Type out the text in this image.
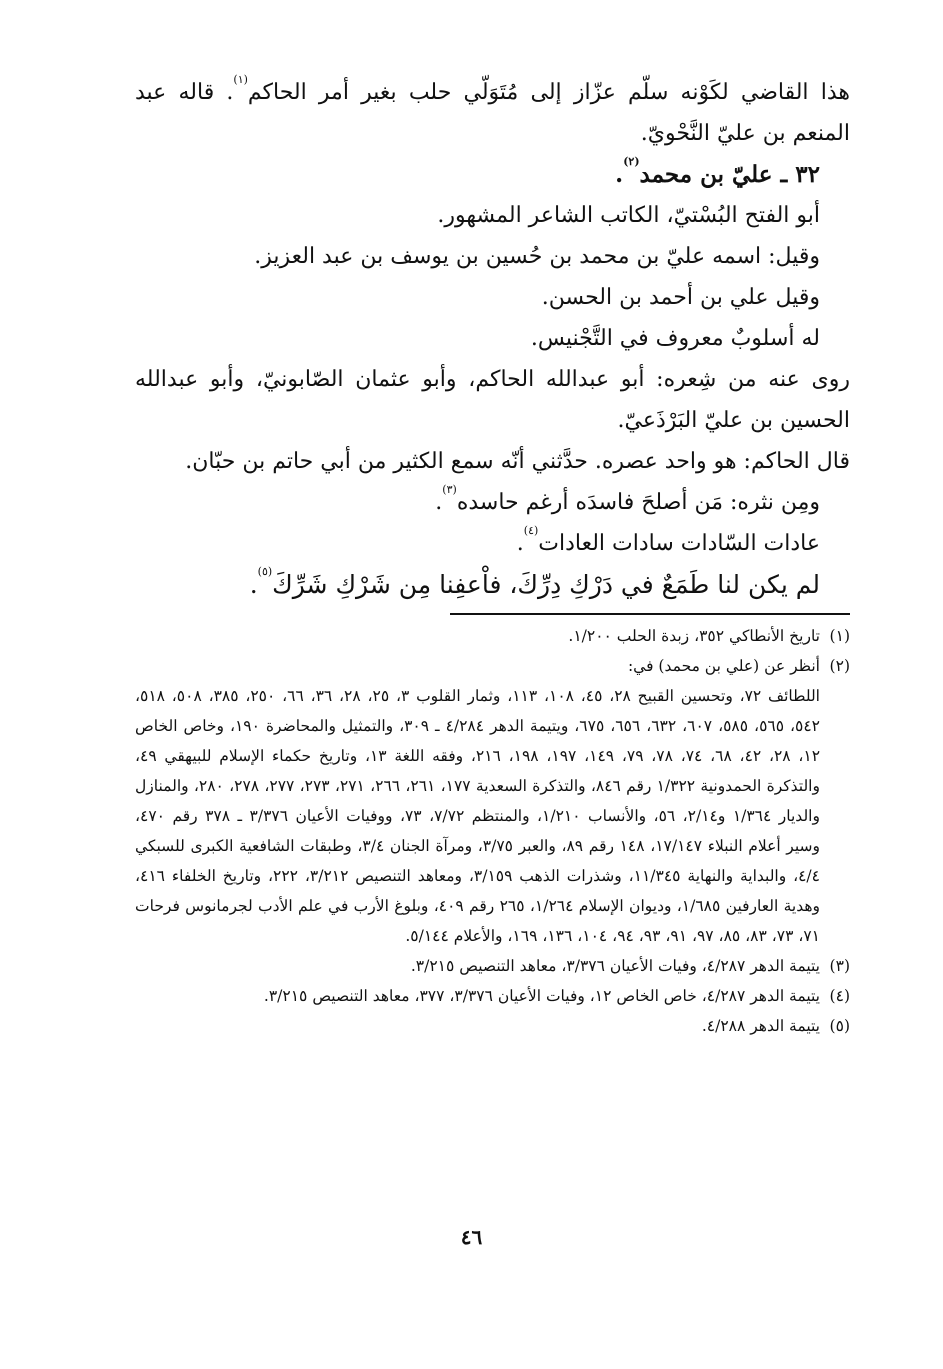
هذا القاضي لكَوْنه سلّم عزّاز إلى مُتَوَلّي حلب بغير أمر الحاكم$^{(١)}$. قاله عبد المنعم بن عليّ النَّحْويّ.

٣٢ ـ عليّ بن محمد$^{(٢)}$.

أبو الفتح البُسْتيّ، الكاتب الشاعر المشهور.

وقيل: اسمه عليّ بن محمد بن حُسين بن يوسف بن عبد العزيز.

وقيل علي بن أحمد بن الحسن.

له أسلوبٌ معروف في التَّجْنيس.

روى عنه من شِعره: أبو عبدالله الحاكم، وأبو عثمان الصّابونيّ، وأبو عبدالله الحسين بن عليّ البَرْذَعيّ.

قال الحاكم: هو واحد عصره. حدَّثني أنّه سمع الكثير من أبي حاتم بن حبّان.

ومِن نثره: مَن أصلحَ فاسدَه أرغم حاسده$^{(٣)}$.

عادات السّادات سادات العادات$^{(٤)}$.

لم يكن لنا طَمَعٌ في دَرْكِ دِرِّكَ، فاْعفِنا مِن شَرْكِ شَرِّكَ$^{(٥)}$.

(١)
تاريخ الأنطاكي ٣٥٢، زبدة الحلب ١/٢٠٠.
(٢)
أنظر عن (علي بن محمد) في:

اللطائف ٧٢، وتحسين القبيح ٢٨، ٤٥، ١٠٨، ١١٣، وثمار القلوب ٣، ٢٥، ٢٨، ٣٦، ٦٦، ٢٥٠، ٣٨٥، ٥٠٨، ٥١٨، ٥٤٢، ٥٦٥، ٥٨٥، ٦٠٧، ٦٣٢، ٦٥٦، ٦٧٥، ويتيمة الدهر ٤/٢٨٤ ـ ٣٠٩، والتمثيل والمحاضرة ١٩٠، وخاص الخاص ١٢، ٢٨، ٤٢، ٦٨، ٧٤، ٧٨، ٧٩، ١٤٩، ١٩٧، ١٩٨، ٢١٦، وفقه اللغة ١٣، وتاريخ حكماء الإسلام للبيهقي ٤٩، والتذكرة الحمدونية ١/٣٢٢ رقم ٨٤٦، والتذكرة السعدية ١٧٧، ٢٦١، ٢٦٦، ٢٧١، ٢٧٣، ٢٧٧، ٢٧٨، ٢٨٠، والمنازل والديار ١/٣٦٤ و٢/١٤، ٥٦، والأنساب ١/٢١٠، والمنتظم ٧/٧٢، ٧٣، ووفيات الأعيان ٣/٣٧٦ ـ ٣٧٨ رقم ٤٧٠، وسير أعلام النبلاء ١٧/١٤٧، ١٤٨ رقم ٨٩، والعبر ٣/٧٥، ومرآة الجنان ٣/٤، وطبقات الشافعية الكبرى للسبكي ٤/٤، والبداية والنهاية ١١/٣٤٥، وشذرات الذهب ٣/١٥٩، ومعاهد التنصيص ٣/٢١٢، ٢٢٢، وتاريخ الخلفاء ٤١٦، وهدية العارفين ١/٦٨٥، وديوان الإسلام ١/٢٦٤، ٢٦٥ رقم ٤٠٩، وبلوغ الأرب في علم الأدب لجرمانوس فرحات ٧١، ٧٣، ٨٣، ٨٥، ٩٧، ٩١، ٩٣، ٩٤، ١٠٤، ١٣٦، ١٦٩، والأعلام ٥/١٤٤.

(٣)
يتيمة الدهر ٤/٢٨٧، وفيات الأعيان ٣/٣٧٦، معاهد التنصيص ٣/٢١٥.
(٤)
يتيمة الدهر ٤/٢٨٧، خاص الخاص ١٢، وفيات الأعيان ٣/٣٧٦، ٣٧٧، معاهد التنصيص ٣/٢١٥.
(٥)
يتيمة الدهر ٤/٢٨٨.
٤٦
